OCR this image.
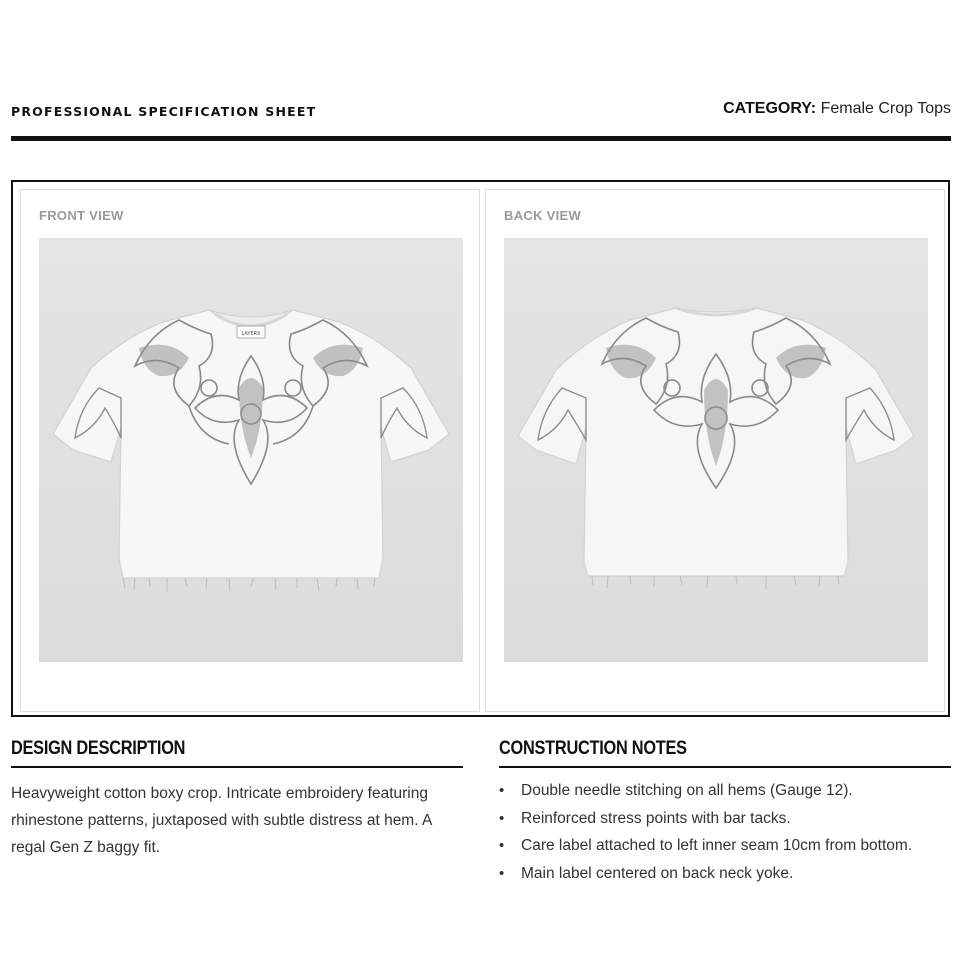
PROFESSIONAL SPECIFICATION SHEET	CATEGORY: Female Crop Tops
FRONT VIEW
LAYERX
BACK VIEW
DESIGN DESCRIPTION

Heavyweight cotton boxy crop. Intricate embroidery featuring rhinestone patterns, juxtaposed with subtle distress at hem. A regal Gen Z baggy fit.

CONSTRUCTION NOTES
• Double needle stitching on all hems (Gauge 12).
• Reinforced stress points with bar tacks.
• Care label attached to left inner seam 10cm from bottom.
• Main label centered on back neck yoke.
